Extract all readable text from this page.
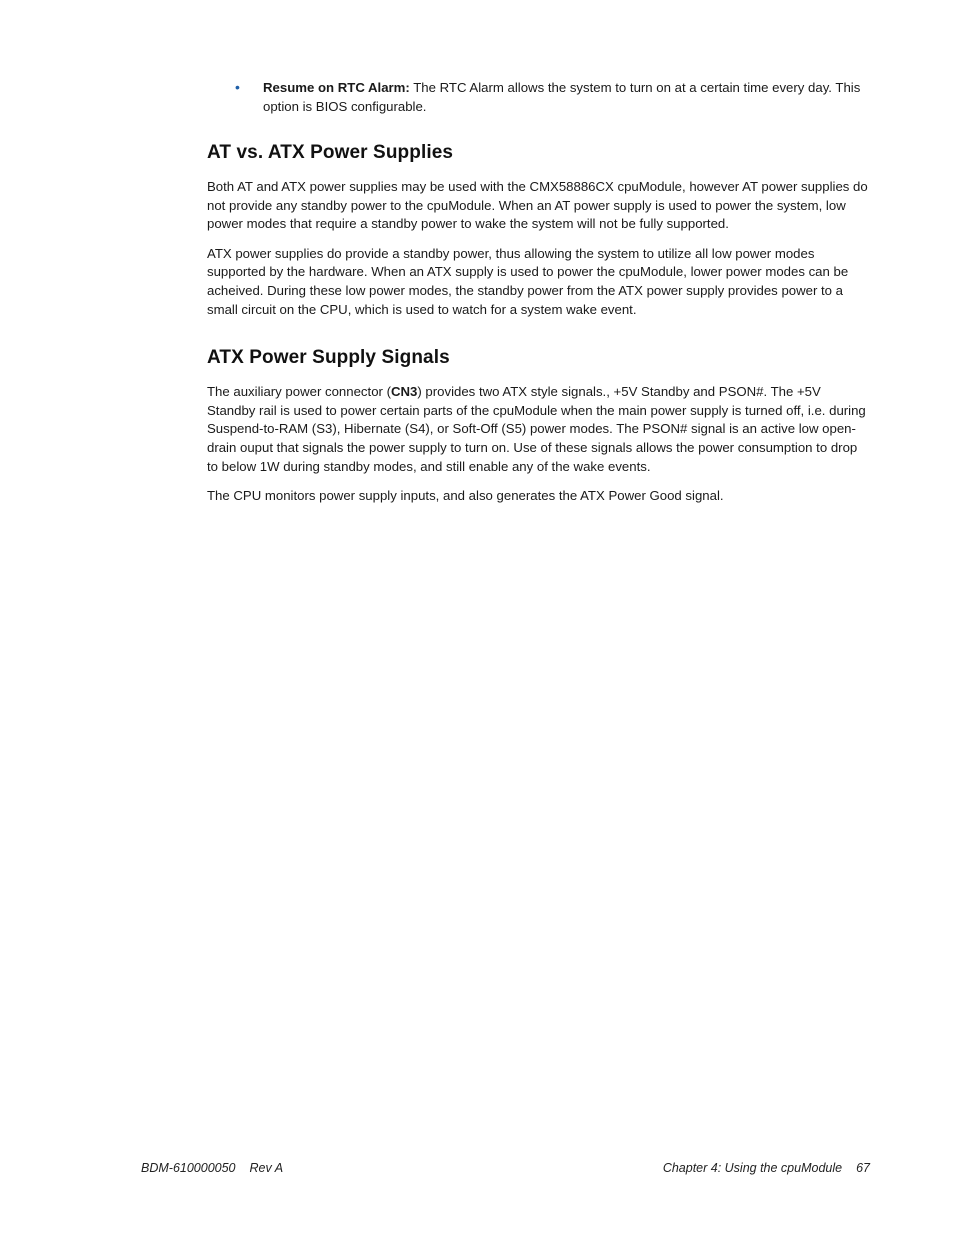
• Resume on RTC Alarm: The RTC Alarm allows the system to turn on at a certain time every day. This option is BIOS configurable.
AT vs. ATX Power Supplies

Both AT and ATX power supplies may be used with the CMX58886CX cpuModule, however AT power supplies do not provide any standby power to the cpuModule. When an AT power supply is used to power the system, low power modes that require a standby power to wake the system will not be fully supported.

ATX power supplies do provide a standby power, thus allowing the system to utilize all low power modes supported by the hardware. When an ATX supply is used to power the cpuModule, lower power modes can be acheived. During these low power modes, the standby power from the ATX power supply provides power to a small circuit on the CPU, which is used to watch for a system wake event.

ATX Power Supply Signals

The auxiliary power connector (CN3) provides two ATX style signals., +5V Standby and PSON#. The +5V Standby rail is used to power certain parts of the cpuModule when the main power supply is turned off, i.e. during Suspend-to-RAM (S3), Hibernate (S4), or Soft-Off (S5) power modes. The PSON# signal is an active low open-drain ouput that signals the power supply to turn on. Use of these signals allows the power consumption to drop to below 1W during standby modes, and still enable any of the wake events.

The CPU monitors power supply inputs, and also generates the ATX Power Good signal.

BDM-610000050 Rev A	Chapter 4: Using the cpuModule 67
